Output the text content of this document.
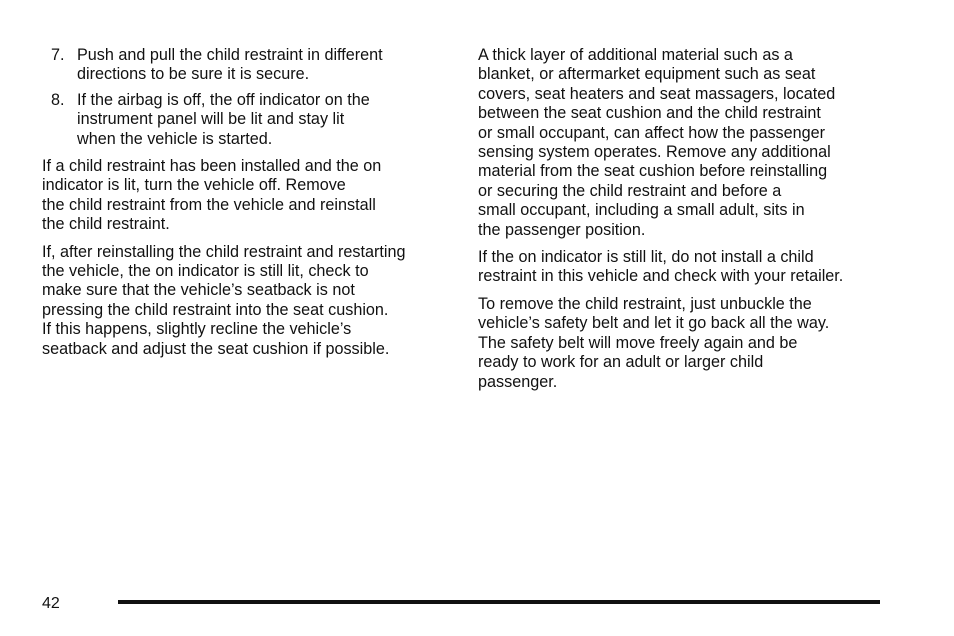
7. Push and pull the child restraint in different
directions to be sure it is secure.
8. If the airbag is off, the off indicator on the
instrument panel will be lit and stay lit
when the vehicle is started.

If a child restraint has been installed and the on
indicator is lit, turn the vehicle off. Remove
the child restraint from the vehicle and reinstall
the child restraint.

If, after reinstalling the child restraint and restarting
the vehicle, the on indicator is still lit, check to
make sure that the vehicle’s seatback is not
pressing the child restraint into the seat cushion.
If this happens, slightly recline the vehicle’s
seatback and adjust the seat cushion if possible.

A thick layer of additional material such as a
blanket, or aftermarket equipment such as seat
covers, seat heaters and seat massagers, located
between the seat cushion and the child restraint
or small occupant, can affect how the passenger
sensing system operates. Remove any additional
material from the seat cushion before reinstalling
or securing the child restraint and before a
small occupant, including a small adult, sits in
the passenger position.

If the on indicator is still lit, do not install a child
restraint in this vehicle and check with your retailer.

To remove the child restraint, just unbuckle the
vehicle’s safety belt and let it go back all the way.
The safety belt will move freely again and be
ready to work for an adult or larger child
passenger.

42
